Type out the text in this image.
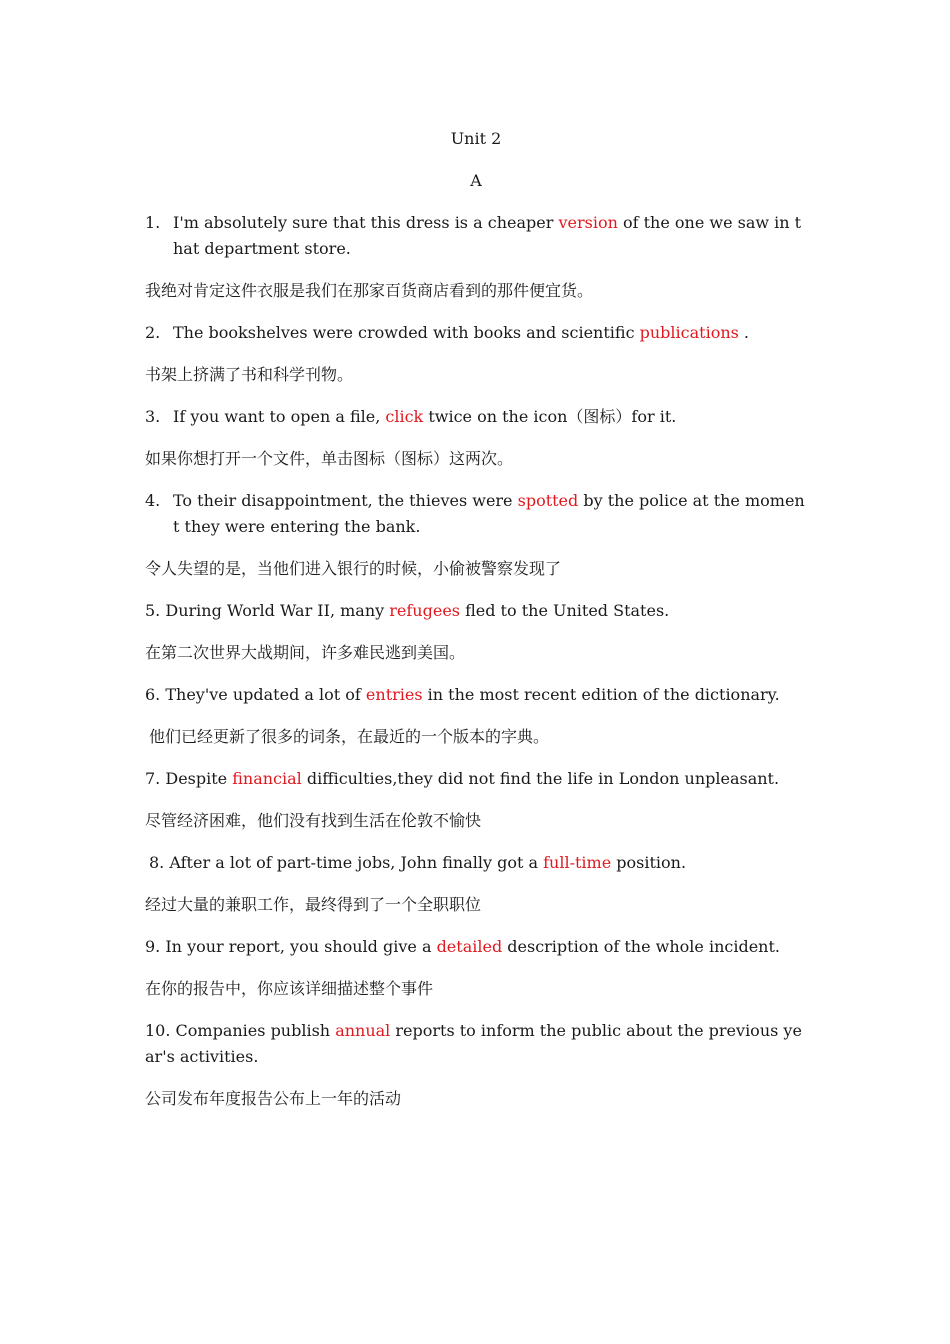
Unit 2

A

1. I'm absolutely sure that this dress is a cheaper version of the one we saw in that department store.

我绝对肯定这件衣服是我们在那家百货商店看到的那件便宜货。

2. The bookshelves were crowded with books and scientific publications .

书架上挤满了书和科学刊物。

3. If you want to open a file, click twice on the icon（图标）for it.

如果你想打开一个文件，单击图标（图标）这两次。

4. To their disappointment, the thieves were spotted by the police at the moment they were entering the bank.

令人失望的是，当他们进入银行的时候，小偷被警察发现了

5. During World War II, many refugees fled to the United States.

在第二次世界大战期间，许多难民逃到美国。

6. They've updated a lot of entries in the most recent edition of the dictionary.

他们已经更新了很多的词条，在最近的一个版本的字典。

7. Despite financial difficulties,they did not find the life in London unpleasant.

尽管经济困难，他们没有找到生活在伦敦不愉快

8. After a lot of part-time jobs, John finally got a full-time position.

经过大量的兼职工作，最终得到了一个全职职位

9. In your report, you should give a detailed description of the whole incident.

在你的报告中，你应该详细描述整个事件

10. Companies publish annual reports to inform the public about the previous year's activities.

公司发布年度报告公布上一年的活动
